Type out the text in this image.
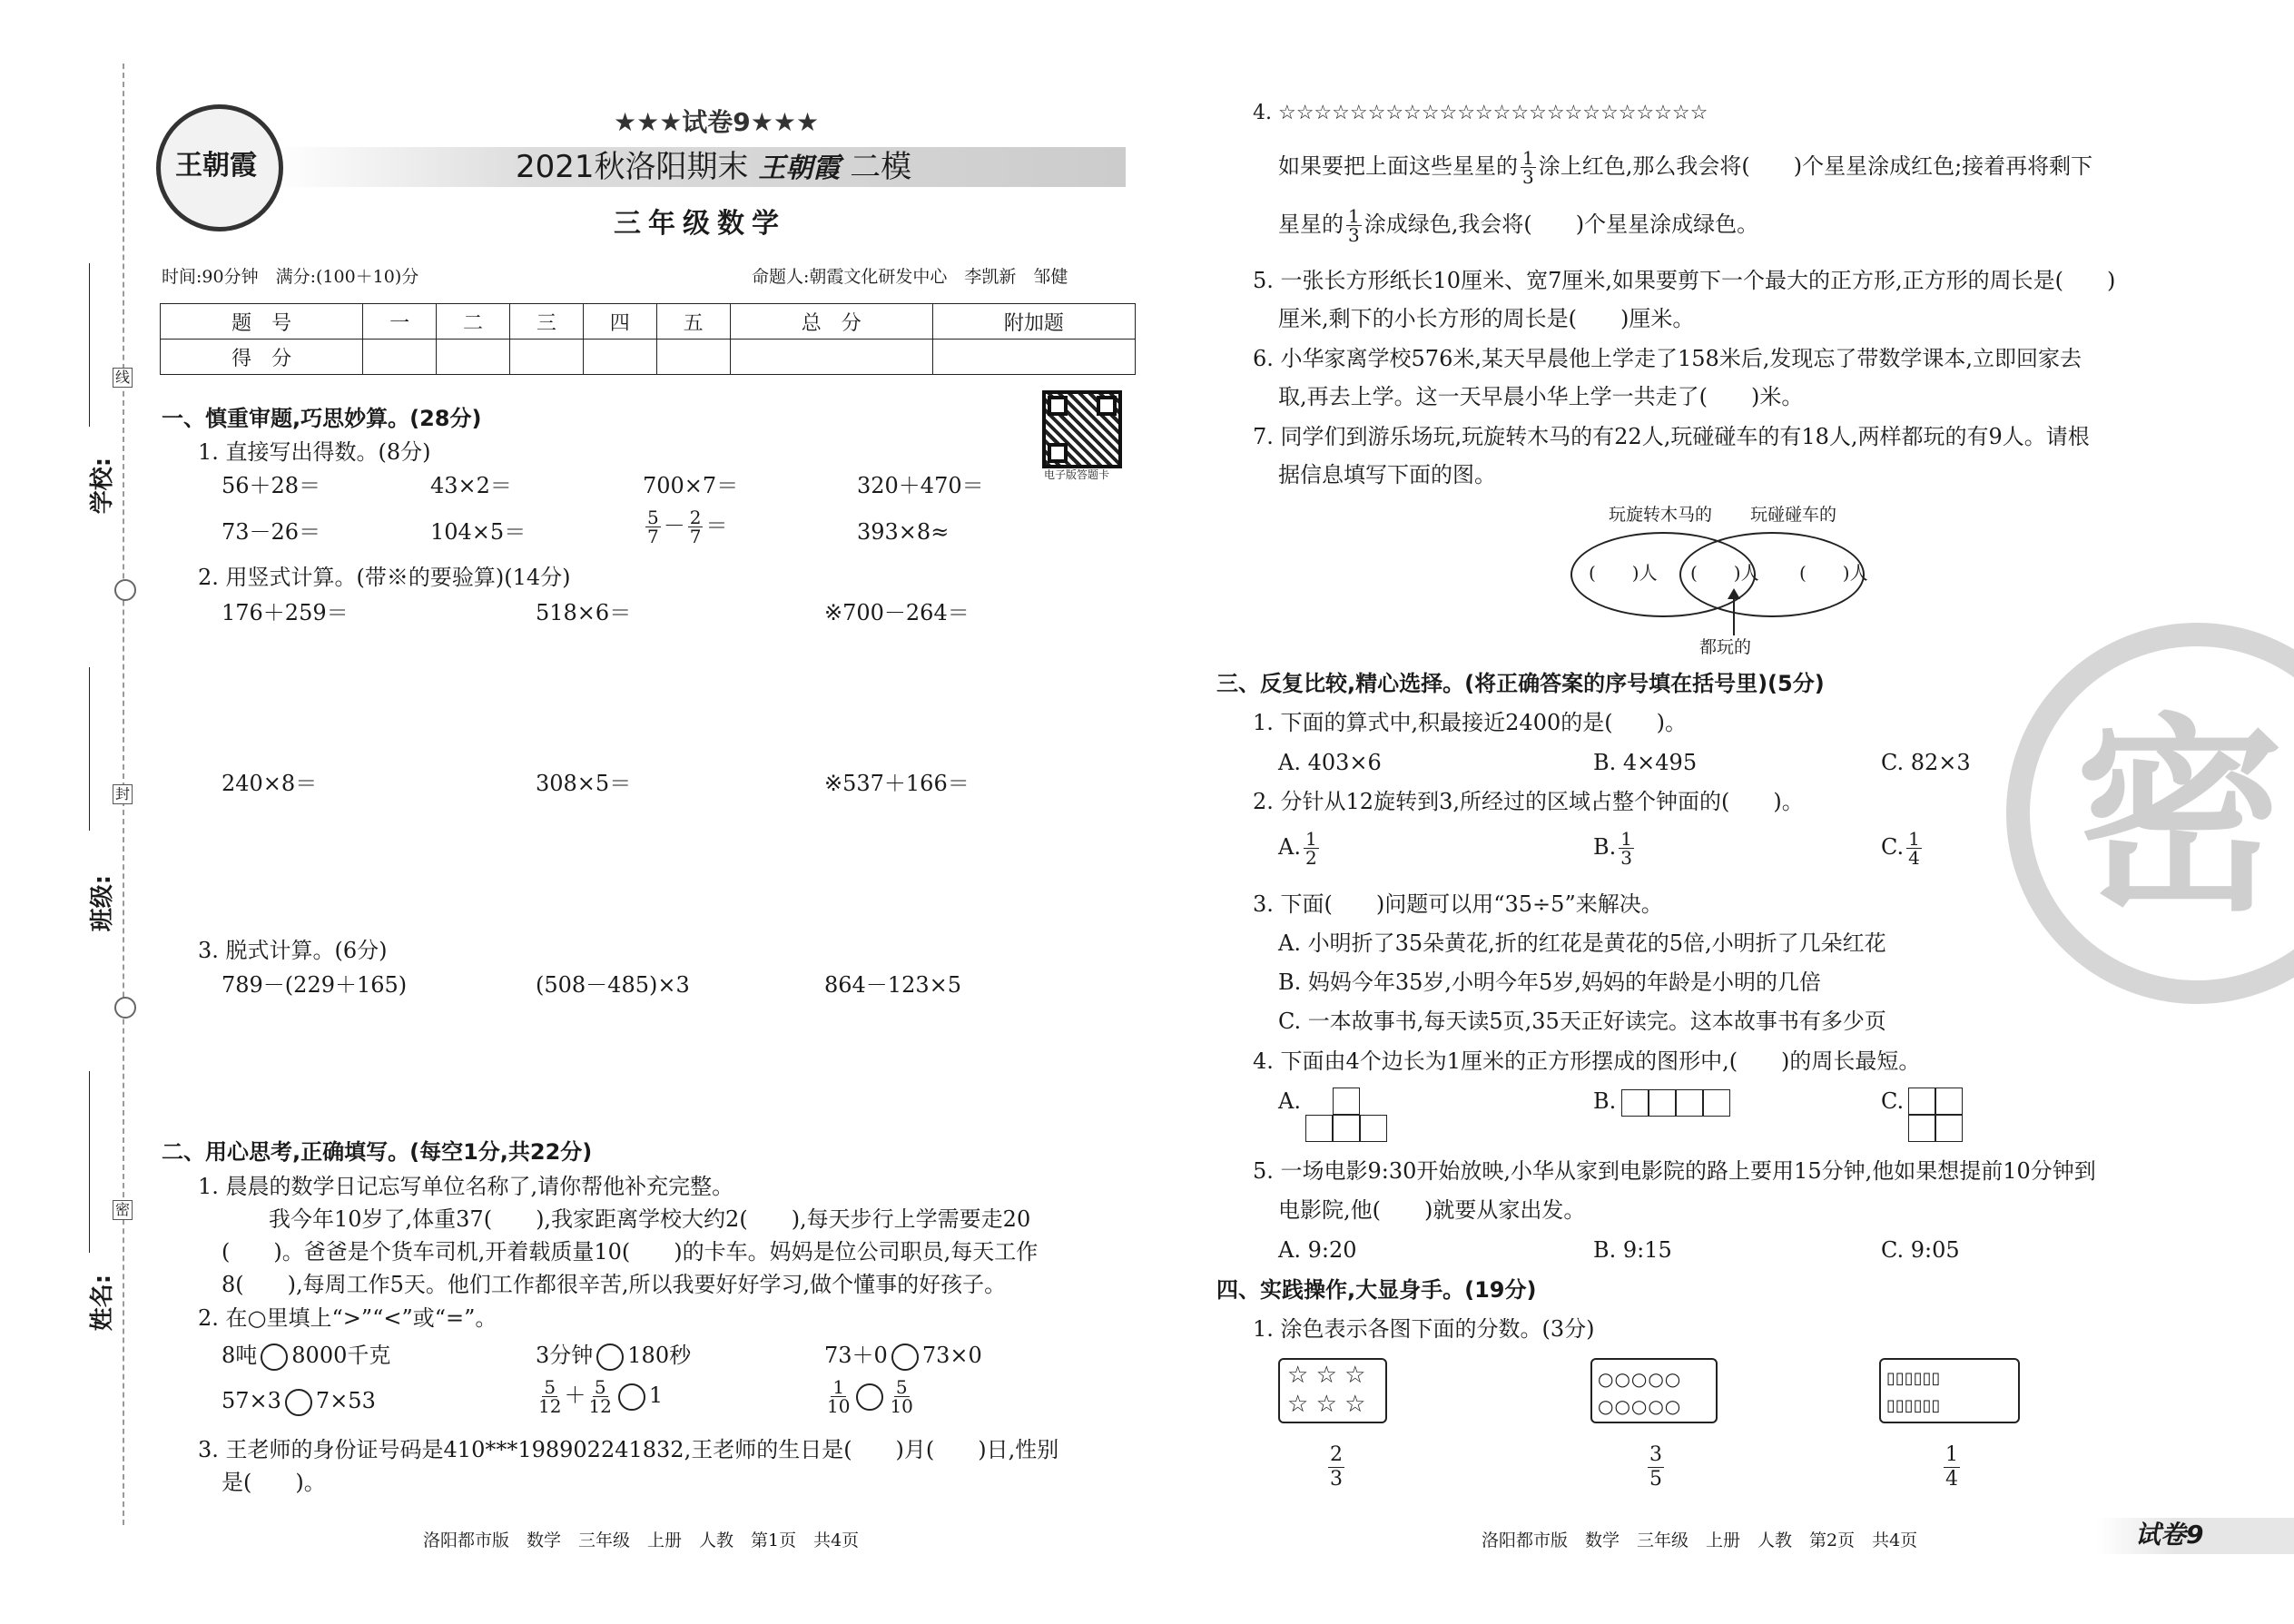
学校:
班级:
姓名:
线
封
密
王朝霞
★★★试卷9★★★
2021秋洛阳期末 王朝霞 二模
三年级数学
时间:90分钟　满分:(100＋10)分	命题人:朝霞文化研发中心　李凯新　邹健
题　号	一	二	三	四	五	总　分	附加题
得　分							
电子版答题卡
一、慎重审题,巧思妙算。(28分)
1. 直接写出得数。(8分)
56＋28＝	43×2＝	700×7＝	320＋470＝
73－26＝	104×5＝	$\frac{5}{7} - \frac{2}{7}$ ＝	393×8≈
2. 用竖式计算。(带※的要验算)(14分)
176＋259＝	518×6＝	※700－264＝
240×8＝	308×5＝	※537＋166＝
3. 脱式计算。(6分)
789－(229＋165)	(508－485)×3	864－123×5
二、用心思考,正确填写。(每空1分,共22分)
1. 晨晨的数学日记忘写单位名称了,请你帮他补充完整。
我今年10岁了,体重37(　　),我家距离学校大约2(　　),每天步行上学需要走20
(　　)。爸爸是个货车司机,开着载质量10(　　)的卡车。妈妈是位公司职员,每天工作
8(　　),每周工作5天。他们工作都很辛苦,所以我要好好学习,做个懂事的好孩子。
2. 在○里填上“>”“<”或“=”。
8吨 8000千克	3分钟 180秒	73＋0 73×0
57×3 7×53	$\frac{5}{12} + \frac{5}{12} 1$	$\frac{1}{10} \frac{5}{10}$
3. 王老师的身份证号码是410***198902241832,王老师的生日是(　　)月(　　)日,性别
是(　　)。
洛阳都市版　数学　三年级　上册　人教　第1页　共4页
4. ☆☆☆☆☆☆☆☆☆☆☆☆☆☆☆☆☆☆☆☆☆☆☆☆
如果要把上面这些星星的 $\frac{1}{3}$ 涂上红色,那么我会将(　　)个星星涂成红色;接着再将剩下
星星的 $\frac{1}{3}$ 涂成绿色,我会将(　　)个星星涂成绿色。
5. 一张长方形纸长10厘米、宽7厘米,如果要剪下一个最大的正方形,正方形的周长是(　　)
厘米,剩下的小长方形的周长是(　　)厘米。
6. 小华家离学校576米,某天早晨他上学走了158米后,发现忘了带数学课本,立即回家去
取,再去上学。这一天早晨小华上学一共走了(　　)米。
7. 同学们到游乐场玩,玩旋转木马的有22人,玩碰碰车的有18人,两样都玩的有9人。请根
据信息填写下面的图。
玩旋转木马的 玩碰碰车的
(　　)人 (　　)人 (　　)人
都玩的
三、反复比较,精心选择。(将正确答案的序号填在括号里)(5分)
1. 下面的算式中,积最接近2400的是(　　)。
A. 403×6	B. 4×495	C. 82×3
2. 分针从12旋转到3,所经过的区域占整个钟面的(　　)。
A. $\frac{1}{2}$	B. $\frac{1}{3}$	C. $\frac{1}{4}$
3. 下面(　　)问题可以用“35÷5”来解决。
A. 小明折了35朵黄花,折的红花是黄花的5倍,小明折了几朵红花
B. 妈妈今年35岁,小明今年5岁,妈妈的年龄是小明的几倍
C. 一本故事书,每天读5页,35天正好读完。这本故事书有多少页
4. 下面由4个边长为1厘米的正方形摆成的图形中,(　　)的周长最短。
A.	B.	C.
5. 一场电影9:30开始放映,小华从家到电影院的路上要用15分钟,他如果想提前10分钟到
电影院,他(　　)就要从家出发。
A. 9:20	B. 9:15	C. 9:05
四、实践操作,大显身手。(19分)
1. 涂色表示各图下面的分数。(3分)
☆ ☆ ☆
☆ ☆ ☆
○○○○○
○○○○○
▯▯▯▯▯▯
▯▯▯▯▯▯
$\frac{2}{3}$	$\frac{3}{5}$	$\frac{1}{4}$
密
洛阳都市版　数学　三年级　上册　人教　第2页　共4页	试卷9
